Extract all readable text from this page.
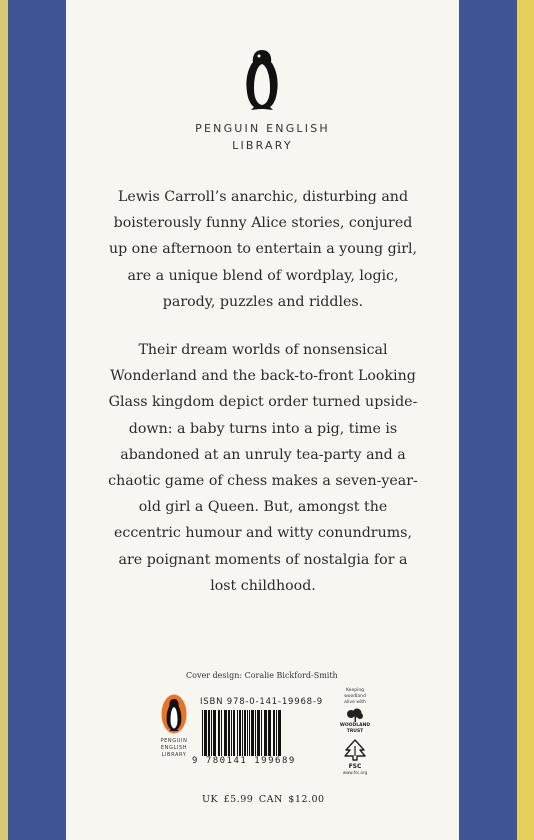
PENGUIN ENGLISH
LIBRARY

Lewis Carroll’s anarchic, disturbing and boisterously funny Alice stories, conjured up one afternoon to entertain a young girl, are a unique blend of wordplay, logic, parody, puzzles and riddles.

Their dream worlds of nonsensical Wonderland and the back-to-front Looking Glass kingdom depict order turned upside-down: a baby turns into a pig, time is abandoned at an unruly tea-party and a chaotic game of chess makes a seven-year-old girl a Queen. But, amongst the eccentric humour and witty conundrums, are poignant moments of nostalgia for a lost childhood.

Cover design: Coralie Bickford-Smith
PENGUIN
ENGLISH
LIBRARY
ISBN 978-0-141-19968-9
9 780141 199689
Keeping
woodland
alive with
WOODLAND
TRUST
FSC
www.fsc.org
UK £5.99 CAN $12.00
